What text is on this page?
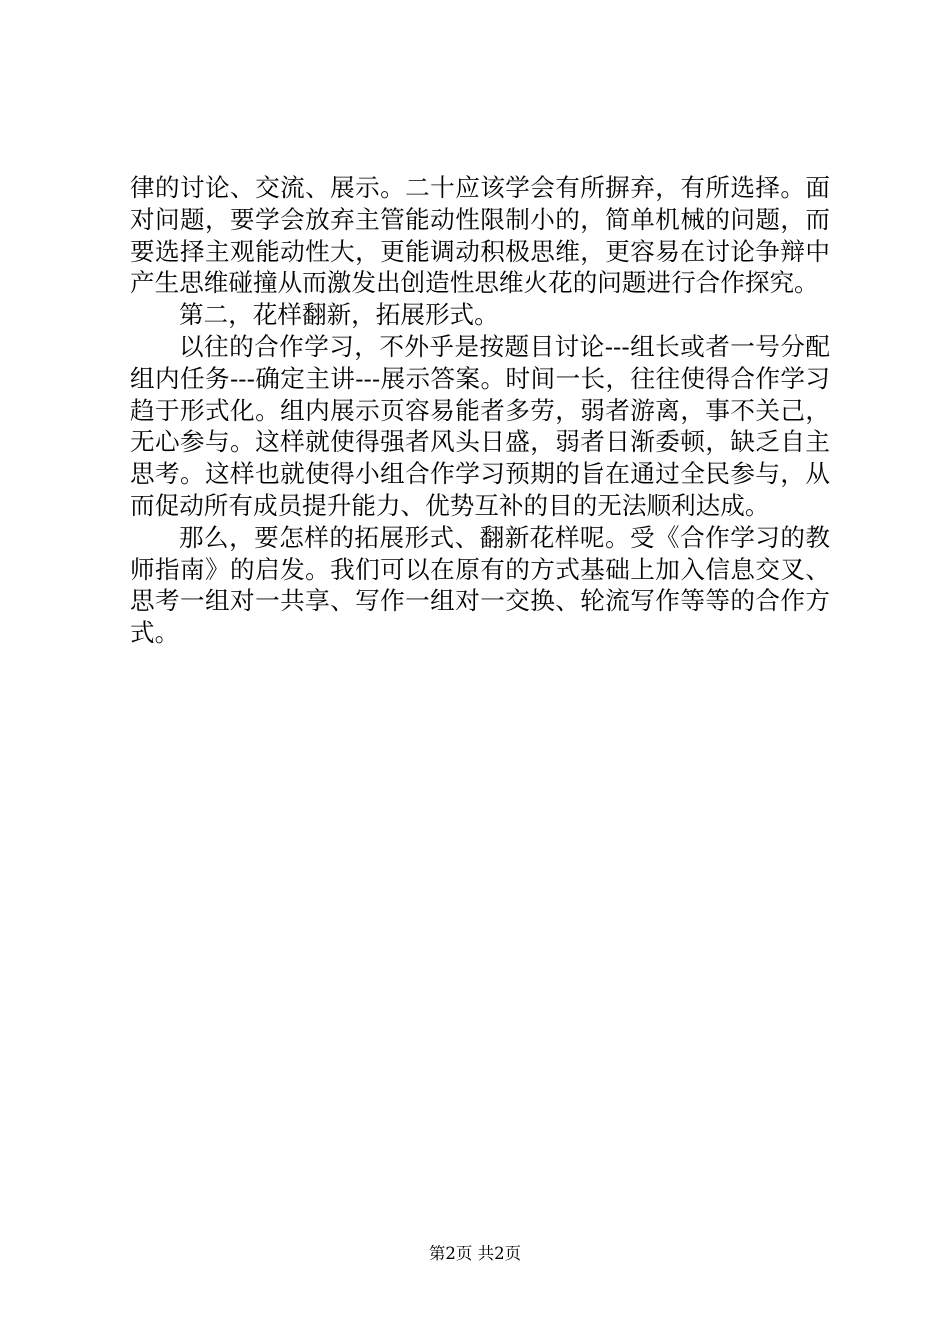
律的讨论、交流、展示。二十应该学会有所摒弃，有所选择。面对问题，要学会放弃主管能动性限制小的，简单机械的问题，而要选择主观能动性大，更能调动积极思维，更容易在讨论争辩中产生思维碰撞从而激发出创造性思维火花的问题进行合作探究。

第二，花样翻新，拓展形式。

以往的合作学习，不外乎是按题目讨论---组长或者一号分配组内任务---确定主讲---展示答案。时间一长，往往使得合作学习趋于形式化。组内展示页容易能者多劳，弱者游离，事不关己，无心参与。这样就使得强者风头日盛，弱者日渐委顿，缺乏自主思考。这样也就使得小组合作学习预期的旨在通过全民参与，从而促动所有成员提升能力、优势互补的目的无法顺利达成。

那么，要怎样的拓展形式、翻新花样呢。受《合作学习的教师指南》的启发。我们可以在原有的方式基础上加入信息交叉、思考一组对一共享、写作一组对一交换、轮流写作等等的合作方式。

第2页 共2页
